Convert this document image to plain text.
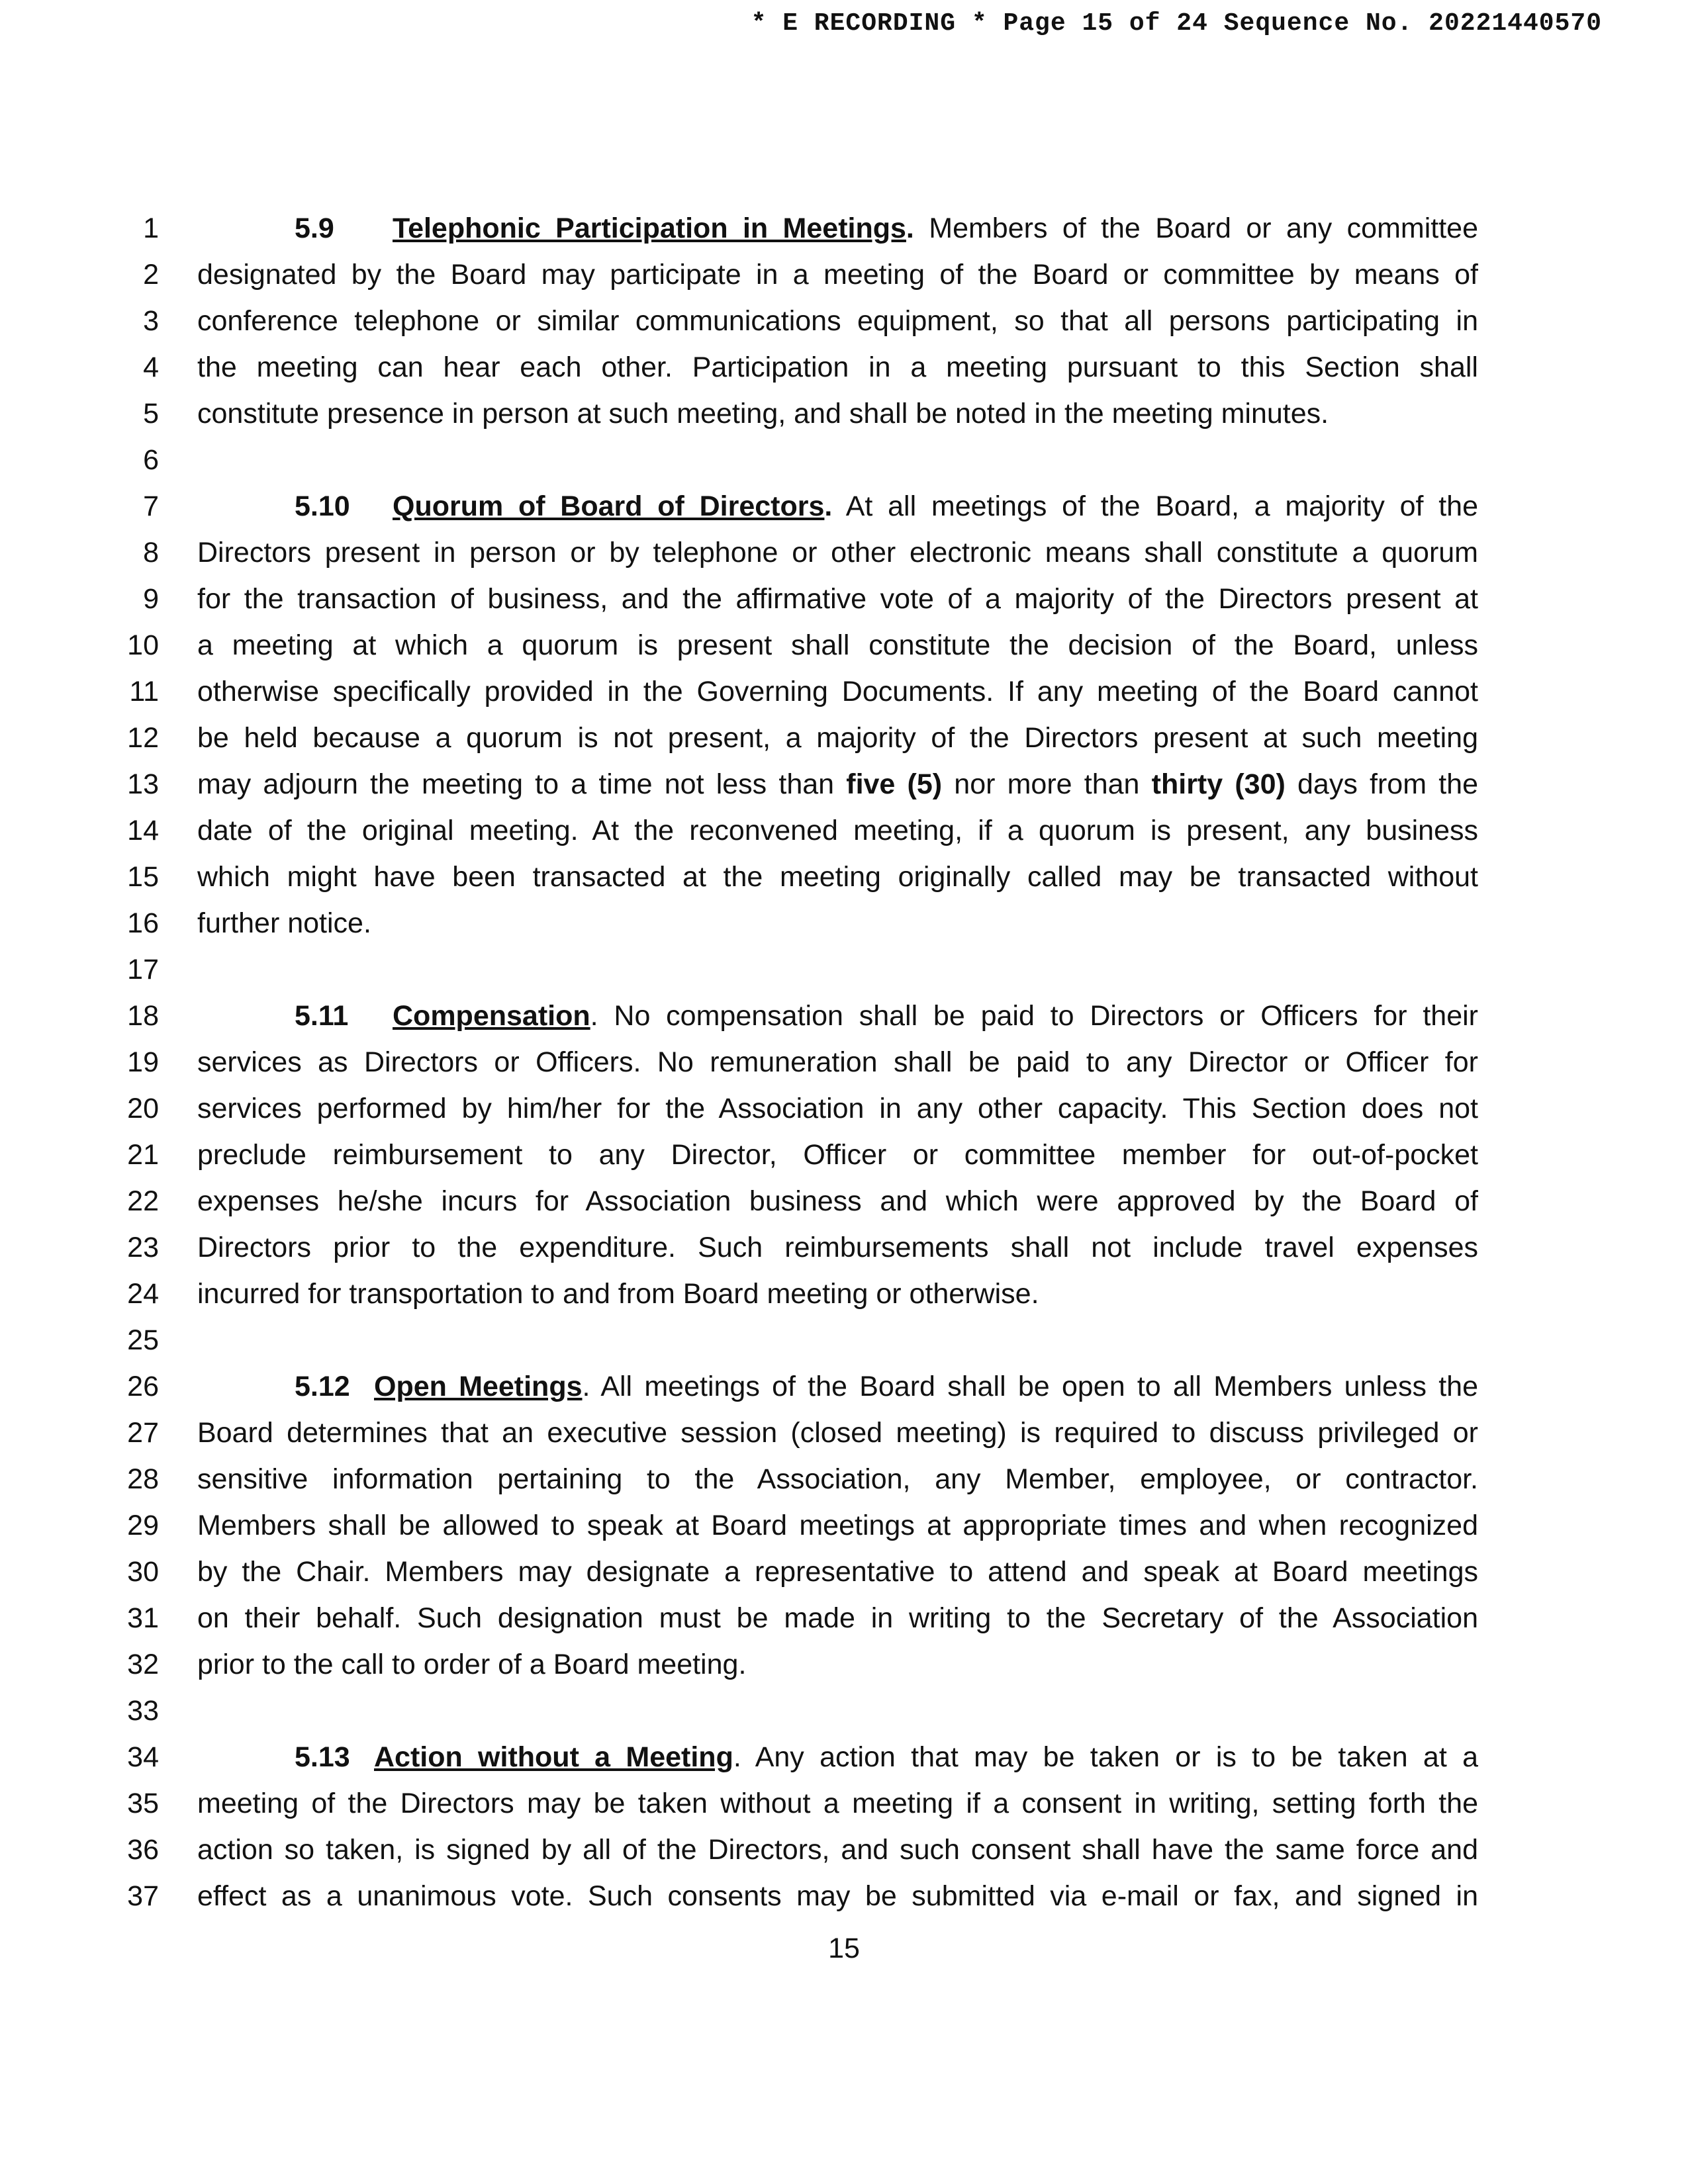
* E RECORDING * Page 15 of 24 Sequence No. 20221440570
1	5.9 Telephonic Participation in Meetings. Members of the Board or any committee
2 designated by the Board may participate in a meeting of the Board or committee by means of
3 conference telephone or similar communications equipment, so that all persons participating in
4 the meeting can hear each other. Participation in a meeting pursuant to this Section shall
5 constitute presence in person at such meeting, and shall be noted in the meeting minutes.
6
7	5.10 Quorum of Board of Directors. At all meetings of the Board, a majority of the
8 Directors present in person or by telephone or other electronic means shall constitute a quorum
9 for the transaction of business, and the affirmative vote of a majority of the Directors present at
10 a meeting at which a quorum is present shall constitute the decision of the Board, unless
11 otherwise specifically provided in the Governing Documents. If any meeting of the Board cannot
12 be held because a quorum is not present, a majority of the Directors present at such meeting
13 may adjourn the meeting to a time not less than five (5) nor more than thirty (30) days from the
14 date of the original meeting. At the reconvened meeting, if a quorum is present, any business
15 which might have been transacted at the meeting originally called may be transacted without
16 further notice.
17
18	5.11 Compensation. No compensation shall be paid to Directors or Officers for their
19 services as Directors or Officers. No remuneration shall be paid to any Director or Officer for
20 services performed by him/her for the Association in any other capacity. This Section does not
21 preclude reimbursement to any Director, Officer or committee member for out-of-pocket
22 expenses he/she incurs for Association business and which were approved by the Board of
23 Directors prior to the expenditure. Such reimbursements shall not include travel expenses
24 incurred for transportation to and from Board meeting or otherwise.
25
26	5.12 Open Meetings. All meetings of the Board shall be open to all Members unless the
27 Board determines that an executive session (closed meeting) is required to discuss privileged or
28 sensitive information pertaining to the Association, any Member, employee, or contractor.
29 Members shall be allowed to speak at Board meetings at appropriate times and when recognized
30 by the Chair. Members may designate a representative to attend and speak at Board meetings
31 on their behalf. Such designation must be made in writing to the Secretary of the Association
32 prior to the call to order of a Board meeting.
33
34	5.13 Action without a Meeting. Any action that may be taken or is to be taken at a
35 meeting of the Directors may be taken without a meeting if a consent in writing, setting forth the
36 action so taken, is signed by all of the Directors, and such consent shall have the same force and
37 effect as a unanimous vote. Such consents may be submitted via e-mail or fax, and signed in
15
